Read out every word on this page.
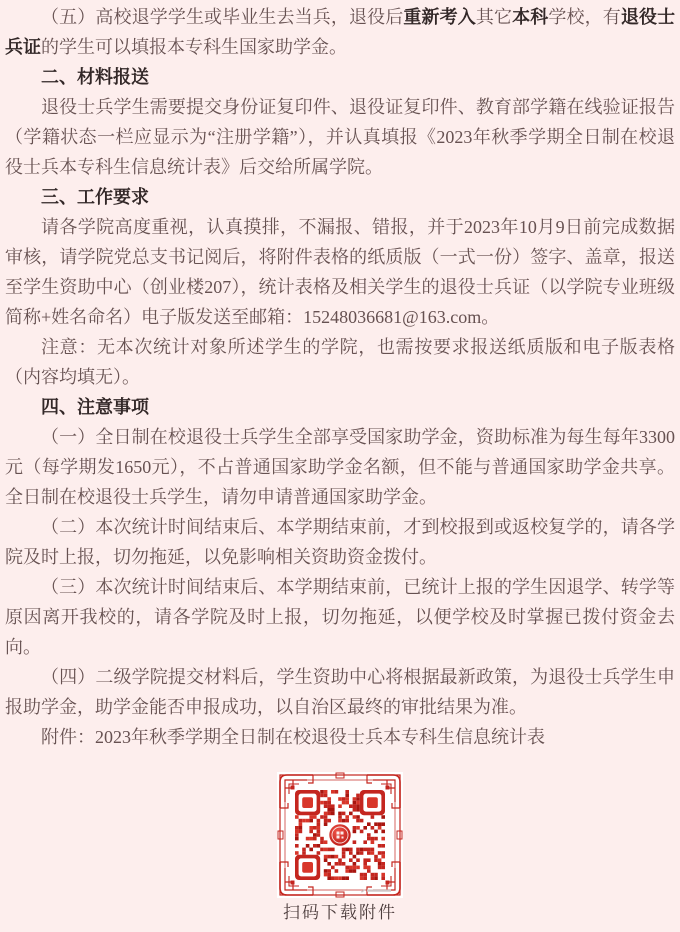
（五）高校退学学生或毕业生去当兵，退役后重新考入其它本科学校，有退役士兵证的学生可以填报本专科生国家助学金。

二、材料报送

退役士兵学生需要提交身份证复印件、退役证复印件、教育部学籍在线验证报告（学籍状态一栏应显示为“注册学籍”），并认真填报《2023年秋季学期全日制在校退役士兵本专科生信息统计表》后交给所属学院。

三、工作要求

请各学院高度重视，认真摸排，不漏报、错报，并于2023年10月9日前完成数据审核，请学院党总支书记阅后，将附件表格的纸质版（一式一份）签字、盖章，报送至学生资助中心（创业楼207），统计表格及相关学生的退役士兵证（以学院专业班级简称+姓名命名）电子版发送至邮箱：15248036681@163.com。

注意：无本次统计对象所述学生的学院，也需按要求报送纸质版和电子版表格（内容均填无）。

四、注意事项

（一）全日制在校退役士兵学生全部享受国家助学金，资助标准为每生每年3300元（每学期发1650元），不占普通国家助学金名额，但不能与普通国家助学金共享。全日制在校退役士兵学生，请勿申请普通国家助学金。

（二）本次统计时间结束后、本学期结束前，才到校报到或返校复学的，请各学院及时上报，切勿拖延，以免影响相关资助资金拨付。

（三）本次统计时间结束后、本学期结束前，已统计上报的学生因退学、转学等原因离开我校的，请各学院及时上报，切勿拖延，以便学校及时掌握已拨付资金去向。

（四）二级学院提交材料后，学生资助中心将根据最新政策，为退役士兵学生申报助学金，助学金能否申报成功，以自治区最终的审批结果为准。

附件：2023年秋季学期全日制在校退役士兵本专科生信息统计表

扫码下载附件
